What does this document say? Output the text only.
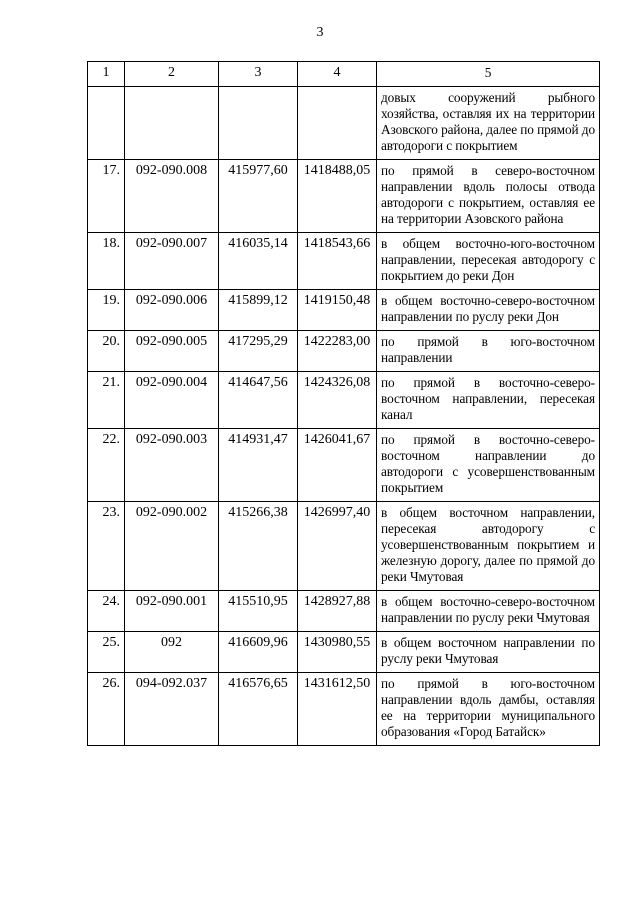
3
1	2	3	4	5
				довых сооружений рыбного хозяйства, оставляя их на территории Азовского района, далее по прямой до автодороги с покрытием
17.	092-090.008	415977,60	1418488,05	по прямой в северо-восточном направлении вдоль полосы отвода автодороги с покрытием, оставляя ее на территории Азовского района
18.	092-090.007	416035,14	1418543,66	в общем восточно-юго-восточном направлении, пересекая автодорогу с покрытием до реки Дон
19.	092-090.006	415899,12	1419150,48	в общем восточно-северо-восточном направлении по руслу реки Дон
20.	092-090.005	417295,29	1422283,00	по прямой в юго-восточном направлении
21.	092-090.004	414647,56	1424326,08	по прямой в восточно-северо-восточном направлении, пересекая канал
22.	092-090.003	414931,47	1426041,67	по прямой в восточно-северо-восточном направлении до автодороги с усовершенствованным покрытием
23.	092-090.002	415266,38	1426997,40	в общем восточном направлении, пересекая автодорогу с усовершенствованным покрытием и железную дорогу, далее по прямой до реки Чмутовая
24.	092-090.001	415510,95	1428927,88	в общем восточно-северо-восточном направлении по руслу реки Чмутовая
25.	092	416609,96	1430980,55	в общем восточном направлении по руслу реки Чмутовая
26.	094-092.037	416576,65	1431612,50	по прямой в юго-восточном направлении вдоль дамбы, оставляя ее на территории муниципального образования «Город Батайск»
